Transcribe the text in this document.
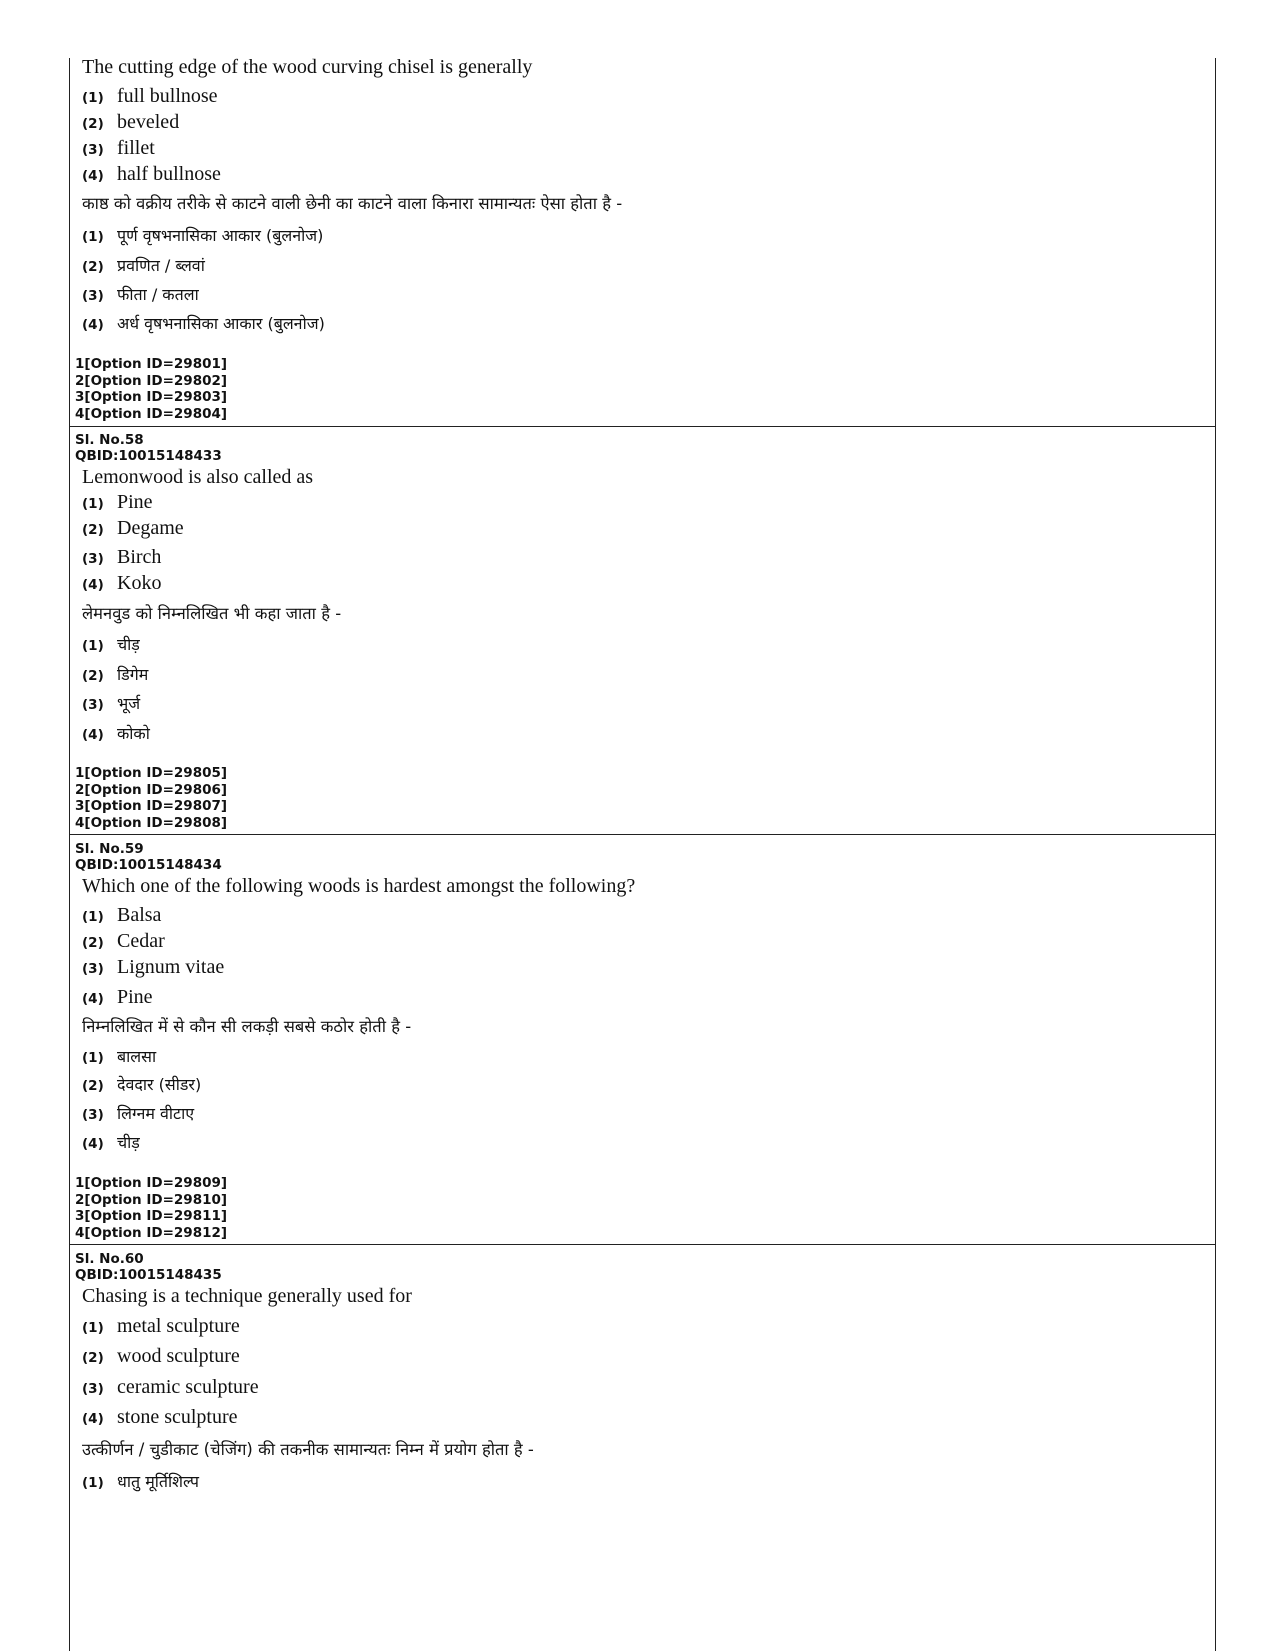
The cutting edge of the wood curving chisel is generally
(1) full bullnose
(2) beveled
(3) fillet
(4) half bullnose
काष्ठ को वक्रीय तरीके से काटने वाली छेनी का काटने वाला किनारा सामान्यतः ऐसा होता है -
(1) पूर्ण वृषभनासिका आकार (बुलनोज)
(2) प्रवणित / ब्लवां
(3) फीता / कतला
(4) अर्ध वृषभनासिका आकार (बुलनोज)
1[Option ID=29801]
2[Option ID=29802]
3[Option ID=29803]
4[Option ID=29804]
Sl. No.58
QBID:10015148433
Lemonwood is also called as
(1) Pine
(2) Degame
(3) Birch
(4) Koko
लेमनवुड को निम्नलिखित भी कहा जाता है -
(1) चीड़
(2) डिगेम
(3) भूर्ज
(4) कोको
1[Option ID=29805]
2[Option ID=29806]
3[Option ID=29807]
4[Option ID=29808]
Sl. No.59
QBID:10015148434
Which one of the following woods is hardest amongst the following?
(1) Balsa
(2) Cedar
(3) Lignum vitae
(4) Pine
निम्नलिखित में से कौन सी लकड़ी सबसे कठोर होती है -
(1) बालसा
(2) देवदार (सीडर)
(3) लिग्नम वीटाए
(4) चीड़
1[Option ID=29809]
2[Option ID=29810]
3[Option ID=29811]
4[Option ID=29812]
Sl. No.60
QBID:10015148435
Chasing is a technique generally used for
(1) metal sculpture
(2) wood sculpture
(3) ceramic sculpture
(4) stone sculpture
उत्कीर्णन / चुडीकाट (चेजिंग) की तकनीक सामान्यतः निम्न में प्रयोग होता है -
(1) धातु मूर्तिशिल्प
